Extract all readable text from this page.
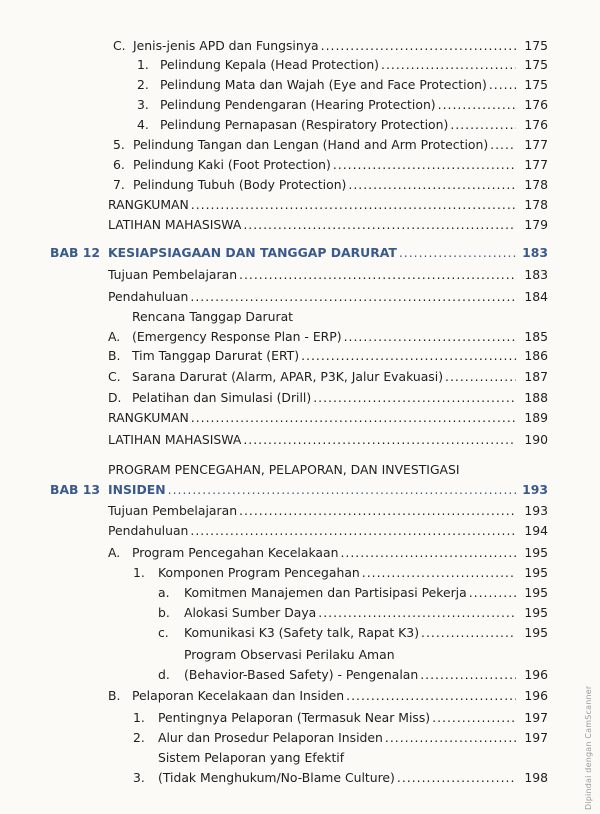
C. Jenis-jenis APD dan Fungsinya .....	175
1. Pelindung Kepala (Head Protection) .....	175
2. Pelindung Mata dan Wajah (Eye and Face Protection) .....	175
3. Pelindung Pendengaran (Hearing Protection) .....	176
4. Pelindung Pernapasan (Respiratory Protection) .....	176
5. Pelindung Tangan dan Lengan (Hand and Arm Protection) .....	177
6. Pelindung Kaki (Foot Protection) .....	177
7. Pelindung Tubuh (Body Protection) .....	178
RANGKUMAN .....	178
LATIHAN MAHASISWA .....	179
BAB 12 KESIAPSIAGAAN DAN TANGGAP DARURAT .....	183
Tujuan Pembelajaran .....	183
Pendahuluan .....	184
Rencana Tanggap Darurat
A. (Emergency Response Plan - ERP) .....	185
B. Tim Tanggap Darurat (ERT) .....	186
C. Sarana Darurat (Alarm, APAR, P3K, Jalur Evakuasi) .....	187
D. Pelatihan dan Simulasi (Drill) .....	188
RANGKUMAN .....	189
LATIHAN MAHASISWA .....	190
PROGRAM PENCEGAHAN, PELAPORAN, DAN INVESTIGASI
BAB 13 INSIDEN .....	193
Tujuan Pembelajaran .....	193
Pendahuluan .....	194
A. Program Pencegahan Kecelakaan .....	195
1.	Komponen Program Pencegahan .....	195
a.	Komitmen Manajemen dan Partisipasi Pekerja .....	195
b.	Alokasi Sumber Daya .....	195
c.	Komunikasi K3 (Safety talk, Rapat K3) .....	195
Program Observasi Perilaku Aman
d.	(Behavior-Based Safety) - Pengenalan .....	196
B. Pelaporan Kecelakaan dan Insiden .....	196
1.	Pentingnya Pelaporan (Termasuk Near Miss) .....	197
2.	Alur dan Prosedur Pelaporan Insiden .....	197
Sistem Pelaporan yang Efektif
3.	(Tidak Menghukum/No-Blame Culture) .....	198	Dipindai dengan CamScanner
